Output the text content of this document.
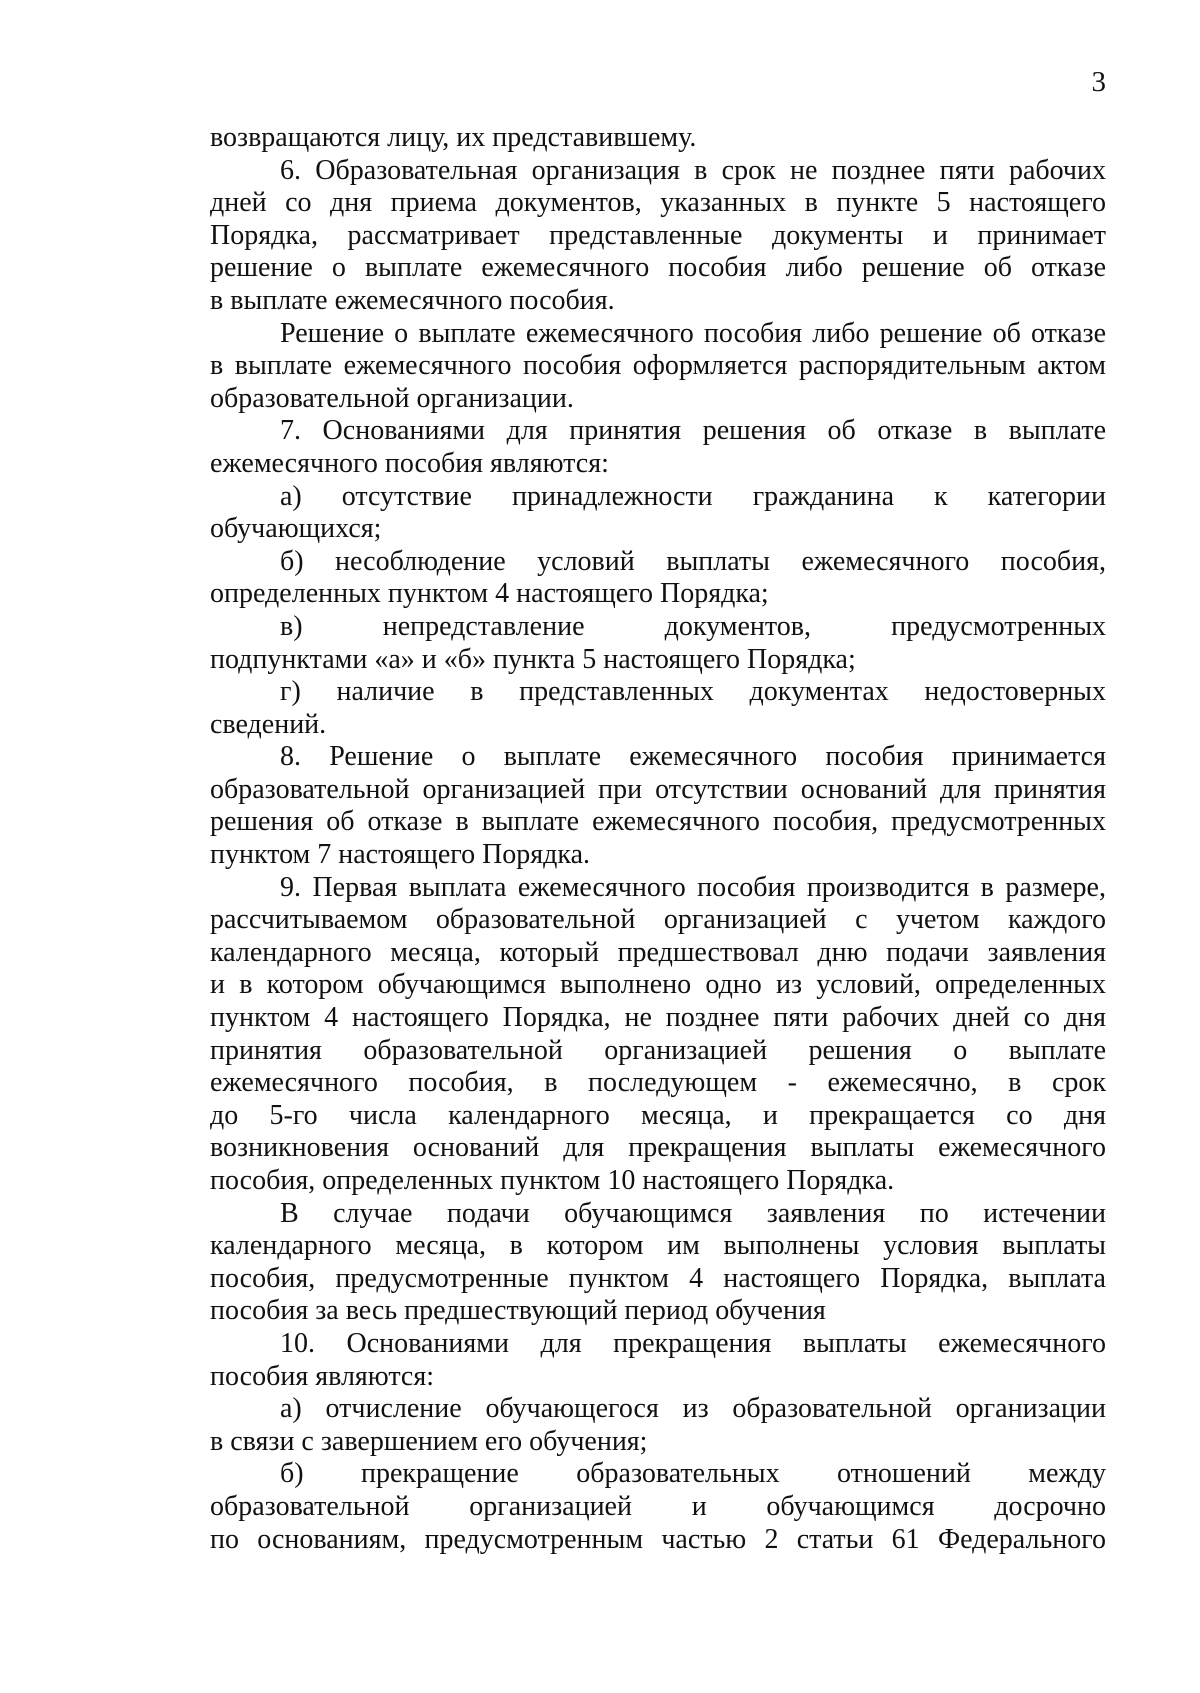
3
возвращаются лицу, их представившему.
6. Образовательная организация в срок не позднее пяти рабочих
дней со дня приема документов, указанных в пункте 5 настоящего
Порядка, рассматривает представленные документы и принимает
решение о выплате ежемесячного пособия либо решение об отказе
в выплате ежемесячного пособия.
Решение о выплате ежемесячного пособия либо решение об отказе
в выплате ежемесячного пособия оформляется распорядительным актом
образовательной организации.
7. Основаниями для принятия решения об отказе в выплате
ежемесячного пособия являются:
а) отсутствие принадлежности гражданина к категории
обучающихся;
б) несоблюдение условий выплаты ежемесячного пособия,
определенных пунктом 4 настоящего Порядка;
в) непредставление документов, предусмотренных
подпунктами «а» и «б» пункта 5 настоящего Порядка;
г) наличие в представленных документах недостоверных
сведений.
8. Решение о выплате ежемесячного пособия принимается
образовательной организацией при отсутствии оснований для принятия
решения об отказе в выплате ежемесячного пособия, предусмотренных
пунктом 7 настоящего Порядка.
9. Первая выплата ежемесячного пособия производится в размере,
рассчитываемом образовательной организацией с учетом каждого
календарного месяца, который предшествовал дню подачи заявления
и в котором обучающимся выполнено одно из условий, определенных
пунктом 4 настоящего Порядка, не позднее пяти рабочих дней со дня
принятия образовательной организацией решения о выплате
ежемесячного пособия, в последующем - ежемесячно, в срок
до 5-го числа календарного месяца, и прекращается со дня
возникновения оснований для прекращения выплаты ежемесячного
пособия, определенных пунктом 10 настоящего Порядка.
В случае подачи обучающимся заявления по истечении
календарного месяца, в котором им выполнены условия выплаты
пособия, предусмотренные пунктом 4 настоящего Порядка, выплата
пособия за весь предшествующий период обучения
10. Основаниями для прекращения выплаты ежемесячного
пособия являются:
а) отчисление обучающегося из образовательной организации
в связи с завершением его обучения;
б) прекращение образовательных отношений между
образовательной организацией и обучающимся досрочно
по основаниям, предусмотренным частью 2 статьи 61 Федерального
